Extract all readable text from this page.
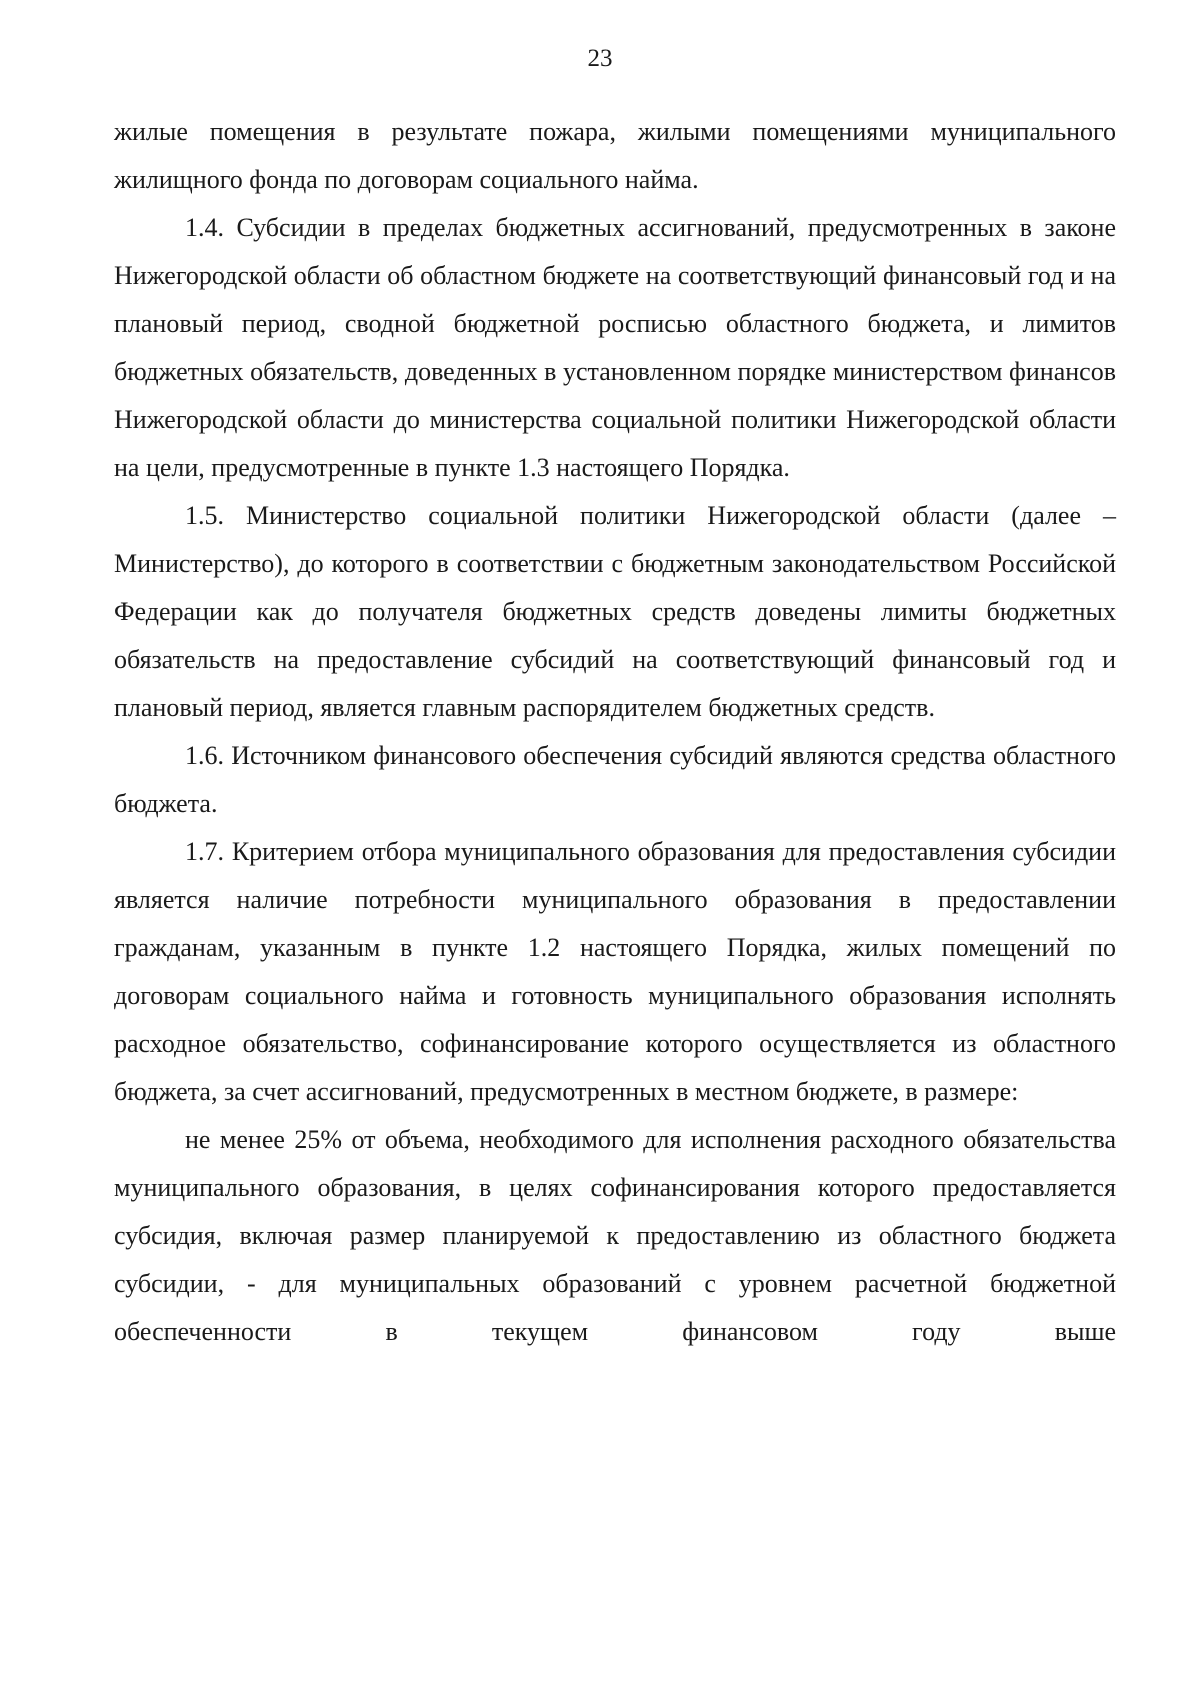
23

жилые помещения в результате пожара, жилыми помещениями муниципального жилищного фонда по договорам социального найма.

1.4. Субсидии в пределах бюджетных ассигнований, предусмотренных в законе Нижегородской области об областном бюджете на соответствующий финансовый год и на плановый период, сводной бюджетной росписью областного бюджета, и лимитов бюджетных обязательств, доведенных в установленном порядке министерством финансов Нижегородской области до министерства социальной политики Нижегородской области на цели, предусмотренные в пункте 1.3 настоящего Порядка.

1.5. Министерство социальной политики Нижегородской области (далее – Министерство), до которого в соответствии с бюджетным законодательством Российской Федерации как до получателя бюджетных средств доведены лимиты бюджетных обязательств на предоставление субсидий на соответствующий финансовый год и плановый период, является главным распорядителем бюджетных средств.

1.6. Источником финансового обеспечения субсидий являются средства областного бюджета.

1.7. Критерием отбора муниципального образования для предоставления субсидии является наличие потребности муниципального образования в предоставлении гражданам, указанным в пункте 1.2 настоящего Порядка, жилых помещений по договорам социального найма и готовность муниципального образования исполнять расходное обязательство, софинансирование которого осуществляется из областного бюджета, за счет ассигнований, предусмотренных в местном бюджете, в размере:

не менее 25% от объема, необходимого для исполнения расходного обязательства муниципального образования, в целях софинансирования которого предоставляется субсидия, включая размер планируемой к предоставлению из областного бюджета субсидии, - для муниципальных образований с уровнем расчетной бюджетной обеспеченности в текущем финансовом году выше
